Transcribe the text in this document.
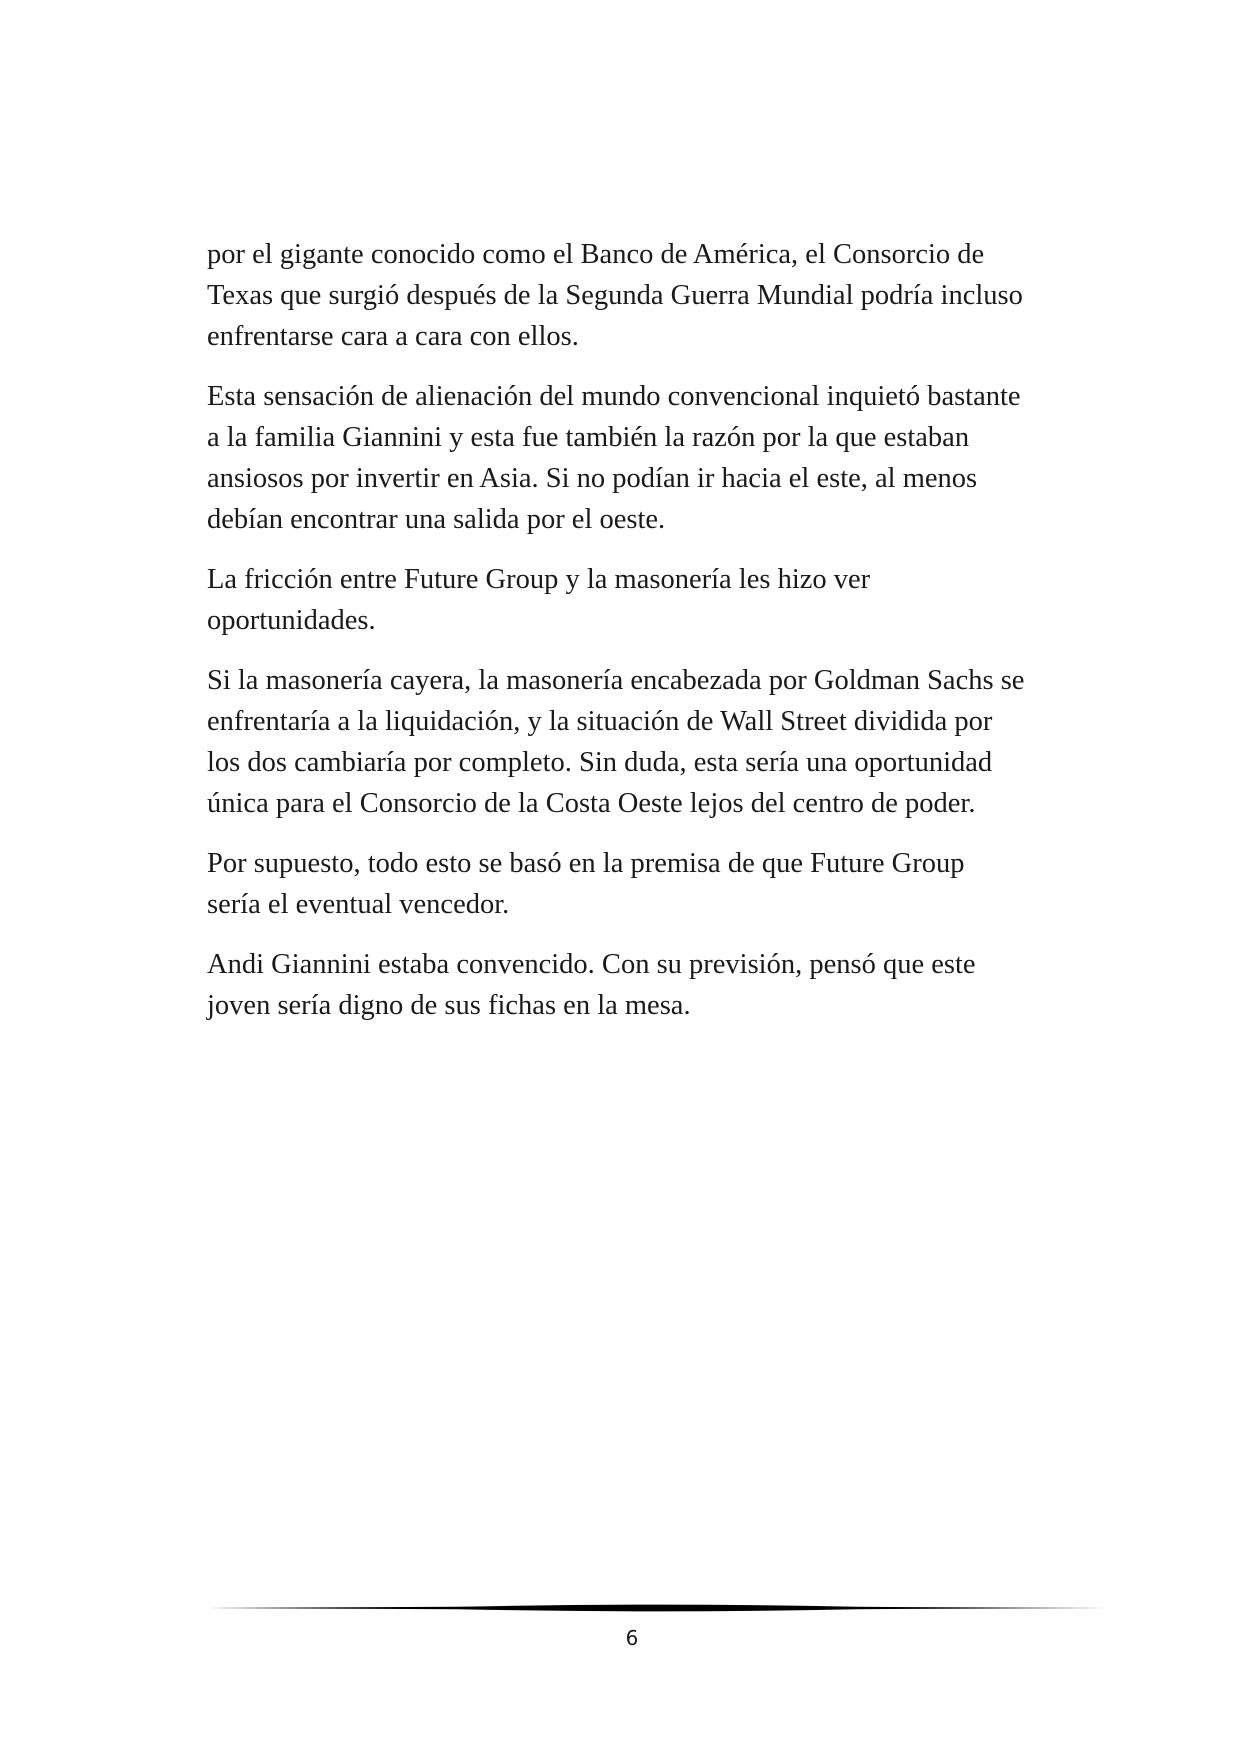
por el gigante conocido como el Banco de América, el Consorcio de
Texas que surgió después de la Segunda Guerra Mundial podría incluso
enfrentarse cara a cara con ellos.

Esta sensación de alienación del mundo convencional inquietó bastante
a la familia Giannini y esta fue también la razón por la que estaban
ansiosos por invertir en Asia. Si no podían ir hacia el este, al menos
debían encontrar una salida por el oeste.

La fricción entre Future Group y la masonería les hizo ver
oportunidades.

Si la masonería cayera, la masonería encabezada por Goldman Sachs se
enfrentaría a la liquidación, y la situación de Wall Street dividida por
los dos cambiaría por completo. Sin duda, esta sería una oportunidad
única para el Consorcio de la Costa Oeste lejos del centro de poder.

Por supuesto, todo esto se basó en la premisa de que Future Group
sería el eventual vencedor.

Andi Giannini estaba convencido. Con su previsión, pensó que este
joven sería digno de sus fichas en la mesa.

6
